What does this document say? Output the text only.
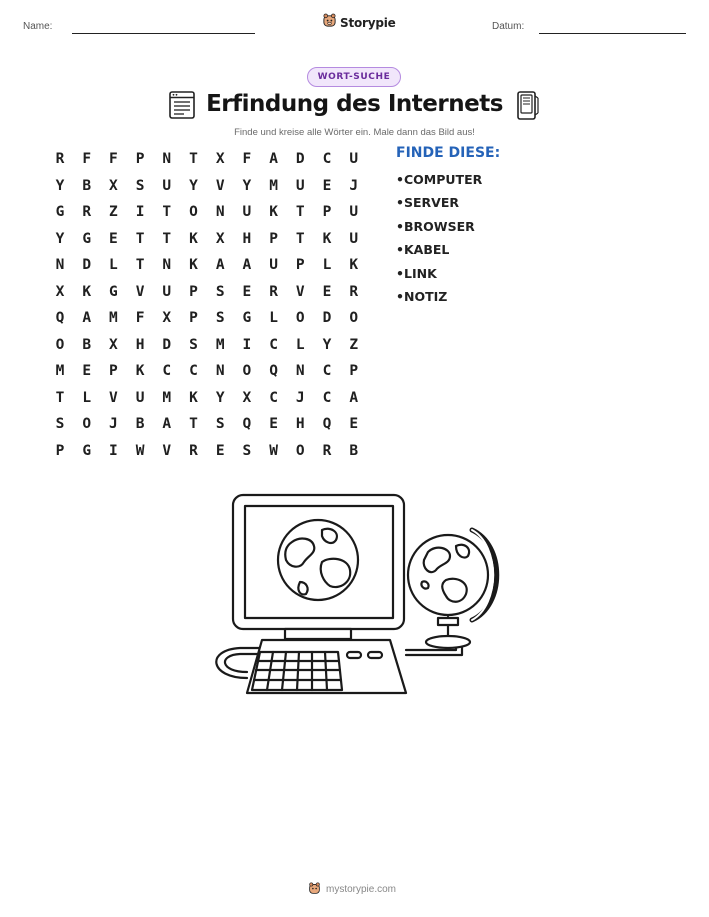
Name:	Storypie	Datum:
WORT-SUCHE
Erfindung des Internets
Finde und kreise alle Wörter ein. Male dann das Bild aus!
R	F	F	P	N	T	X	F	A	D	C	U
Y	B	X	S	U	Y	V	Y	M	U	E	J
G	R	Z	I	T	O	N	U	K	T	P	U
Y	G	E	T	T	K	X	H	P	T	K	U
N	D	L	T	N	K	A	A	U	P	L	K
X	K	G	V	U	P	S	E	R	V	E	R
Q	A	M	F	X	P	S	G	L	O	D	O
O	B	X	H	D	S	M	I	C	L	Y	Z
M	E	P	K	C	C	N	O	Q	N	C	P
T	L	V	U	M	K	Y	X	C	J	C	A
S	O	J	B	A	T	S	Q	E	H	Q	E
P	G	I	W	V	R	E	S	W	O	R	B
FINDE DIESE:
• COMPUTER
• SERVER
• BROWSER
• KABEL
• LINK
• NOTIZ
mystorypie.com
